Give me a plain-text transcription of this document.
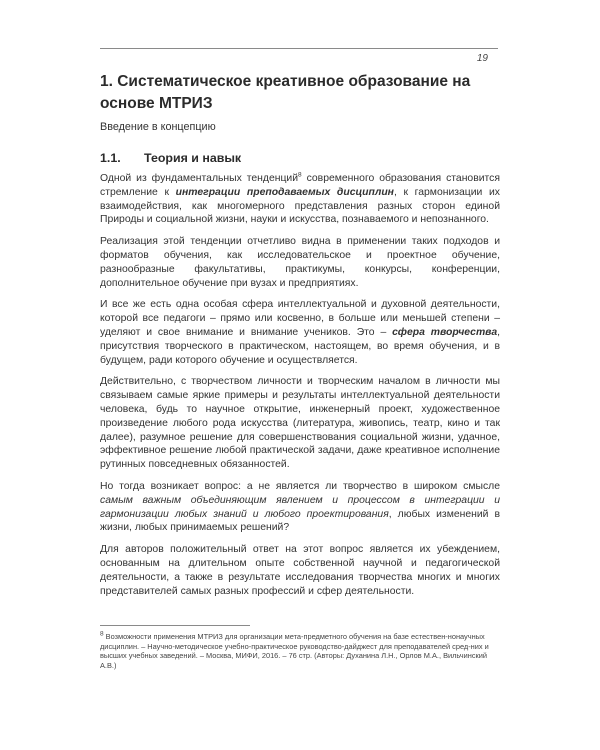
19
1. Систематическое креативное образование на основе МТРИЗ

Введение в концепцию

1.1. Теория и навык

Одной из фундаментальных тенденций$^8$ современного образования становится стремление к интеграции преподаваемых дисциплин, к гармонизации их взаимодействия, как многомерного представления разных сторон единой Природы и социальной жизни, науки и искусства, познаваемого и непознанного.

Реализация этой тенденции отчетливо видна в применении таких подходов и форматов обучения, как исследовательское и проектное обучение, разнообразные факультативы, практикумы, конкурсы, конференции, дополнительное обучение при вузах и предприятиях.

И все же есть одна особая сфера интеллектуальной и духовной деятельности, которой все педагоги – прямо или косвенно, в больше или меньшей степени – уделяют и свое внимание и внимание учеников. Это – сфера творчества, присутствия творческого в практическом, настоящем, во время обучения, и в будущем, ради которого обучение и осуществляется.

Действительно, с творчеством личности и творческим началом в личности мы связываем самые яркие примеры и результаты интеллектуальной деятельности человека, будь то научное открытие, инженерный проект, художественное произведение любого рода искусства (литература, живопись, театр, кино и так далее), разумное решение для совершенствования социальной жизни, удачное, эффективное решение любой практической задачи, даже креативное исполнение рутинных повседневных обязанностей.

Но тогда возникает вопрос: а не является ли творчество в широком смысле самым важным объединяющим явлением и процессом в интеграции и гармонизации любых знаний и любого проектирования, любых изменений в жизни, любых принимаемых решений?

Для авторов положительный ответ на этот вопрос является их убеждением, основанным на длительном опыте собственной научной и педагогической деятельности, а также в результате исследования творчества многих и многих представителей самых разных профессий и сфер деятельности.

$^8$ Возможности применения МТРИЗ для организации мета-предметного обучения на базе естествен-нонаучных дисциплин. – Научно-методическое учебно-практическое руководство-дайджест для преподавателей сред-них и высших учебных заведений. – Москва, МИФИ, 2016. – 76 стр. (Авторы: Духанина Л.Н., Орлов М.А., Вильчинский А.В.)
